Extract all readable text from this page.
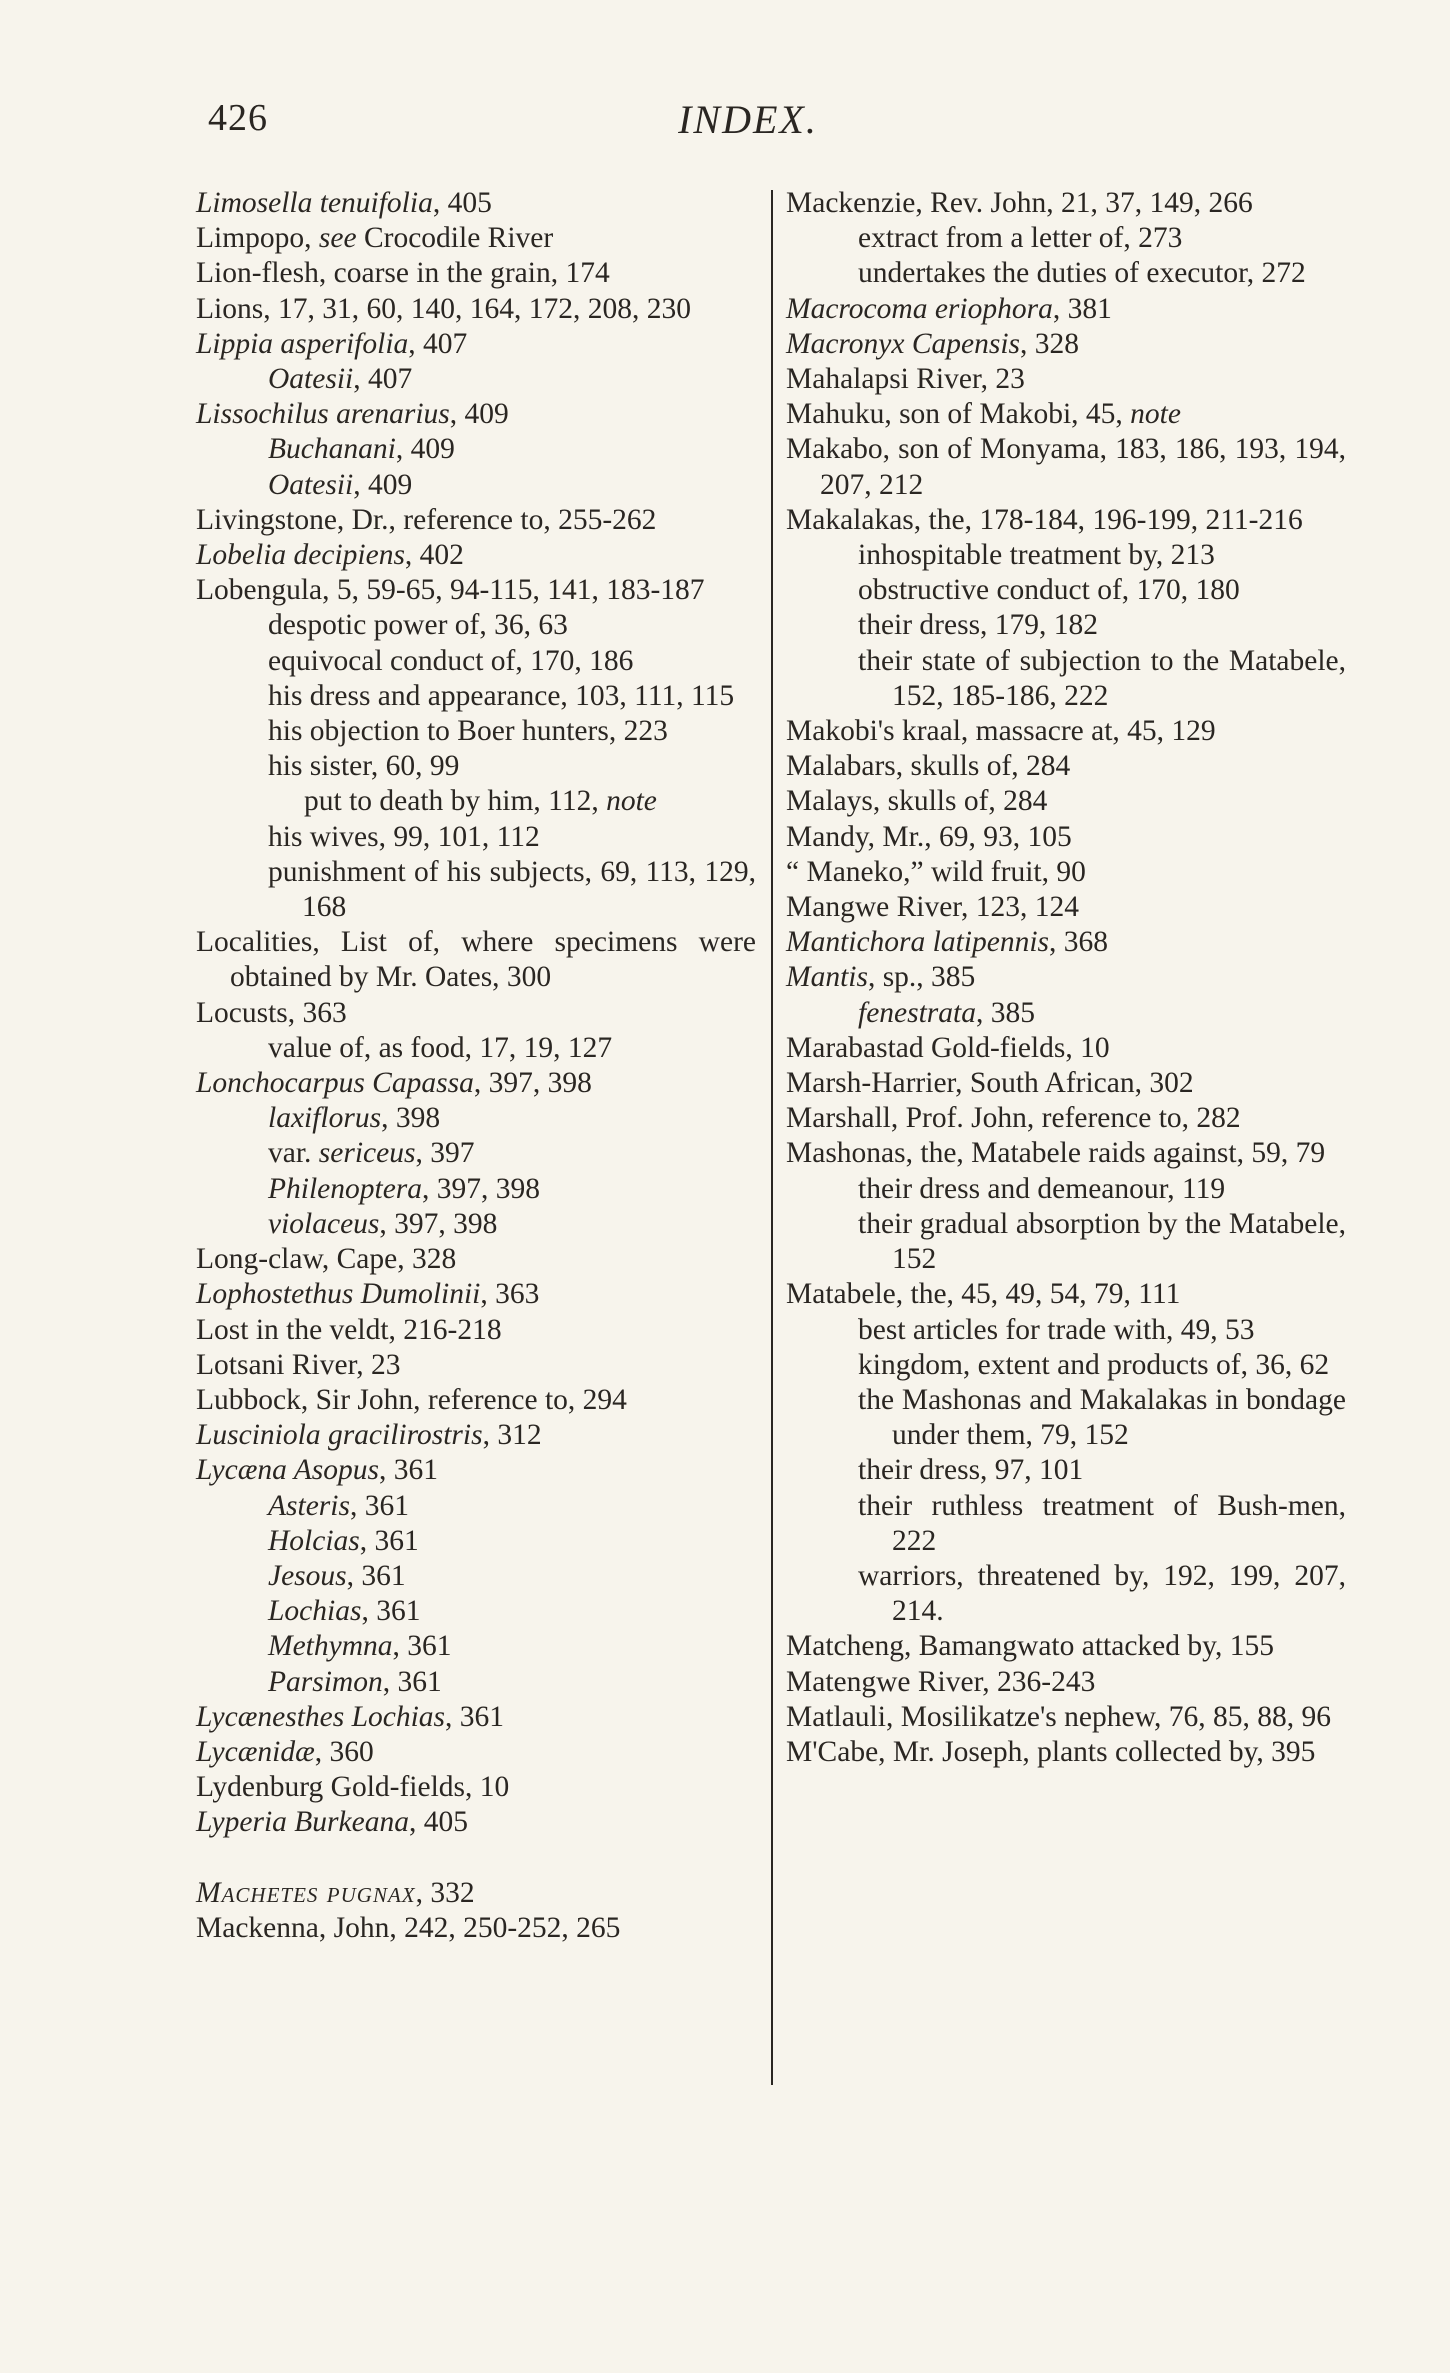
426	INDEX.
Limosella tenuifolia, 405
Limpopo, see Crocodile River
Lion-flesh, coarse in the grain, 174
Lions, 17, 31, 60, 140, 164, 172, 208, 230
Lippia asperifolia, 407
Oatesii, 407
Lissochilus arenarius, 409
Buchanani, 409
Oatesii, 409
Livingstone, Dr., reference to, 255-262
Lobelia decipiens, 402
Lobengula, 5, 59-65, 94-115, 141, 183-187
despotic power of, 36, 63
equivocal conduct of, 170, 186
his dress and appearance, 103, 111, 115
his objection to Boer hunters, 223
his sister, 60, 99
put to death by him, 112, note
his wives, 99, 101, 112
punishment of his subjects, 69, 113, 129, 168
Localities, List of, where specimens were obtained by Mr. Oates, 300
Locusts, 363
value of, as food, 17, 19, 127
Lonchocarpus Capassa, 397, 398
laxiflorus, 398
var. sericeus, 397
Philenoptera, 397, 398
violaceus, 397, 398
Long-claw, Cape, 328
Lophostethus Dumolinii, 363
Lost in the veldt, 216-218
Lotsani River, 23
Lubbock, Sir John, reference to, 294
Lusciniola gracilirostris, 312
Lycæna Asopus, 361
Asteris, 361
Holcias, 361
Jesous, 361
Lochias, 361
Methymna, 361
Parsimon, 361
Lycænesthes Lochias, 361
Lycænidæ, 360
Lydenburg Gold-fields, 10
Lyperia Burkeana, 405
Machetes pugnax, 332
Mackenna, John, 242, 250-252, 265
Mackenzie, Rev. John, 21, 37, 149, 266
extract from a letter of, 273
undertakes the duties of executor, 272
Macrocoma eriophora, 381
Macronyx Capensis, 328
Mahalapsi River, 23
Mahuku, son of Makobi, 45, note
Makabo, son of Monyama, 183, 186, 193, 194, 207, 212
Makalakas, the, 178-184, 196-199, 211-216
inhospitable treatment by, 213
obstructive conduct of, 170, 180
their dress, 179, 182
their state of subjection to the Matabele, 152, 185-186, 222
Makobi's kraal, massacre at, 45, 129
Malabars, skulls of, 284
Malays, skulls of, 284
Mandy, Mr., 69, 93, 105
“ Maneko,” wild fruit, 90
Mangwe River, 123, 124
Mantichora latipennis, 368
Mantis, sp., 385
fenestrata, 385
Marabastad Gold-fields, 10
Marsh-Harrier, South African, 302
Marshall, Prof. John, reference to, 282
Mashonas, the, Matabele raids against, 59, 79
their dress and demeanour, 119
their gradual absorption by the Matabele, 152
Matabele, the, 45, 49, 54, 79, 111
best articles for trade with, 49, 53
kingdom, extent and products of, 36, 62
the Mashonas and Makalakas in bondage under them, 79, 152
their dress, 97, 101
their ruthless treatment of Bush-men, 222
warriors, threatened by, 192, 199, 207, 214.
Matcheng, Bamangwato attacked by, 155
Matengwe River, 236-243
Matlauli, Mosilikatze's nephew, 76, 85, 88, 96
M'Cabe, Mr. Joseph, plants collected by, 395
